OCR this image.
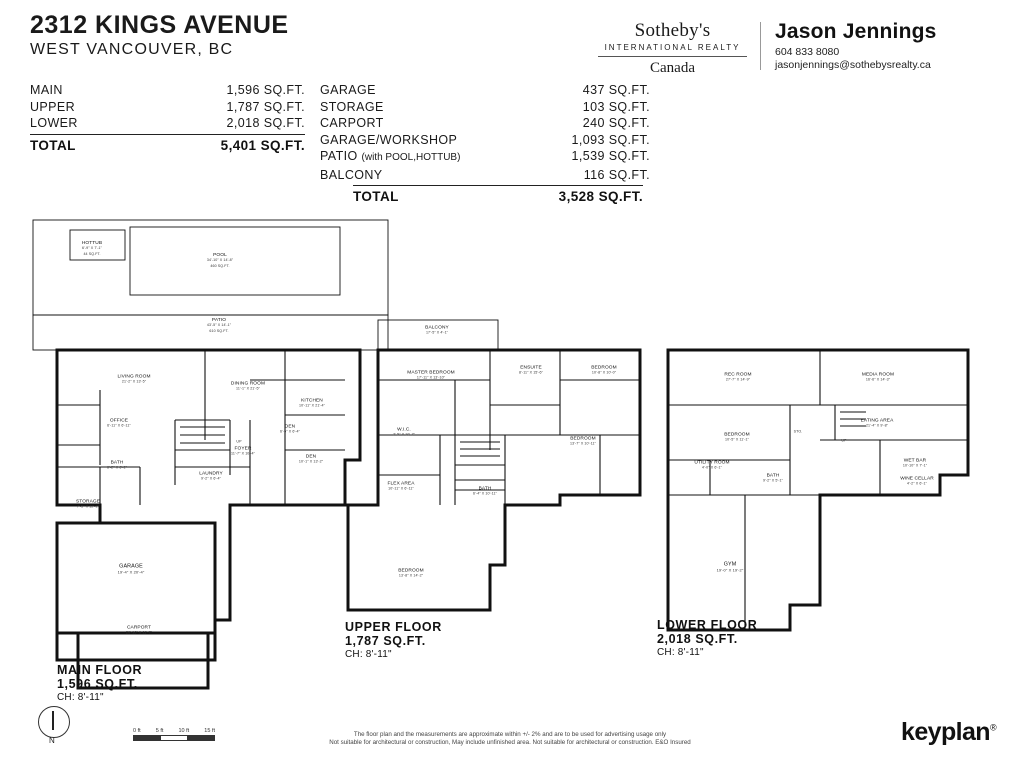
2312 KINGS AVENUE
WEST VANCOUVER, BC
Sotheby's
INTERNATIONAL REALTY
Canada
Jason Jennings
604 833 8080
jasonjennings@sothebysrealty.ca
MAIN	1,596 SQ.FT.
UPPER	1,787 SQ.FT.
LOWER	2,018 SQ.FT.
TOTAL	5,401 SQ.FT.
GARAGE	437 SQ.FT.
STORAGE	103 SQ.FT.
CARPORT	240 SQ.FT.
GARAGE/WORKSHOP	1,093 SQ.FT.
PATIO (with POOL,HOTTUB)	1,539 SQ.FT.
BALCONY	116 SQ.FT.
TOTAL	3,528 SQ.FT.
HOTTUB
6'-9" X 7'-1"
44 SQ.FT.	POOL
34'-10" X 14'-8"
460 SQ.FT.
PATIO
43'-5" X 14'-1"
610 SQ.FT.
LIVING ROOM
21'-2" X 13'-5"	DINING ROOM
11'-1" X 21'-5"
KITCHEN
10'-11" X 21'-4"
OFFICE
6'-11" X 6'-11"
BATH
6'-2" X 6'-1"
STORAGE
7'-5" X 12'-2"
LAUNDRY
9'-2" X 6'-4"
FOYER
11'-7" X 10'-4"
DEN
10'-1" X 13'-2"
DEN
6'-5" X 6'-4"
UP
GARAGE
19'-4" X 20'-4"
CARPORT
20'-10" X 11'-7"
BALCONY
17'-5" X 4'-1"
MASTER BEDROOM
17'-11" X 13'-10"
ENSUITE
8'-11" X 15'-6"
BEDROOM
10'-8" X 10'-0"
W.I.C.
7'-5" X 10'-7"
BEDROOM
13'-7" X 10'-11"
FLEX AREA
10'-11" X 6'-11"	BATH
6'-4" X 10'-11"
BEDROOM
13'-8" X 14'-2"
REC ROOM
27'-7" X 14'-9"
MEDIA ROOM
16'-6" X 14'-3"
BEDROOM
10'-5" X 11'-1"
EATING AREA
21'-4" X 9'-8"
UTILITY ROOM
4'-0" X 6'-1"
BATH
9'-2" X 5'-1"
WET BAR
10'-10" X 7'-1"
WINE CELLAR
4'-2" X 6'-1"
GYM
19'-0" X 19'-2"
STO.
UP
MAIN FLOOR
1,596 SQ.FT.
CH: 8'-11"
UPPER FLOOR
1,787 SQ.FT.
CH: 8'-11"
LOWER FLOOR
2,018 SQ.FT.
CH: 8'-11"
N
0 ft	5 ft	10 ft	15 ft	The floor plan and the measurements are approximate within +/- 2% and are to be used for advertising usage only
Not suitable for architectural or construction, May include unfinished area. Not suitable for architectural or construction. E&O Insured	keyplan®
